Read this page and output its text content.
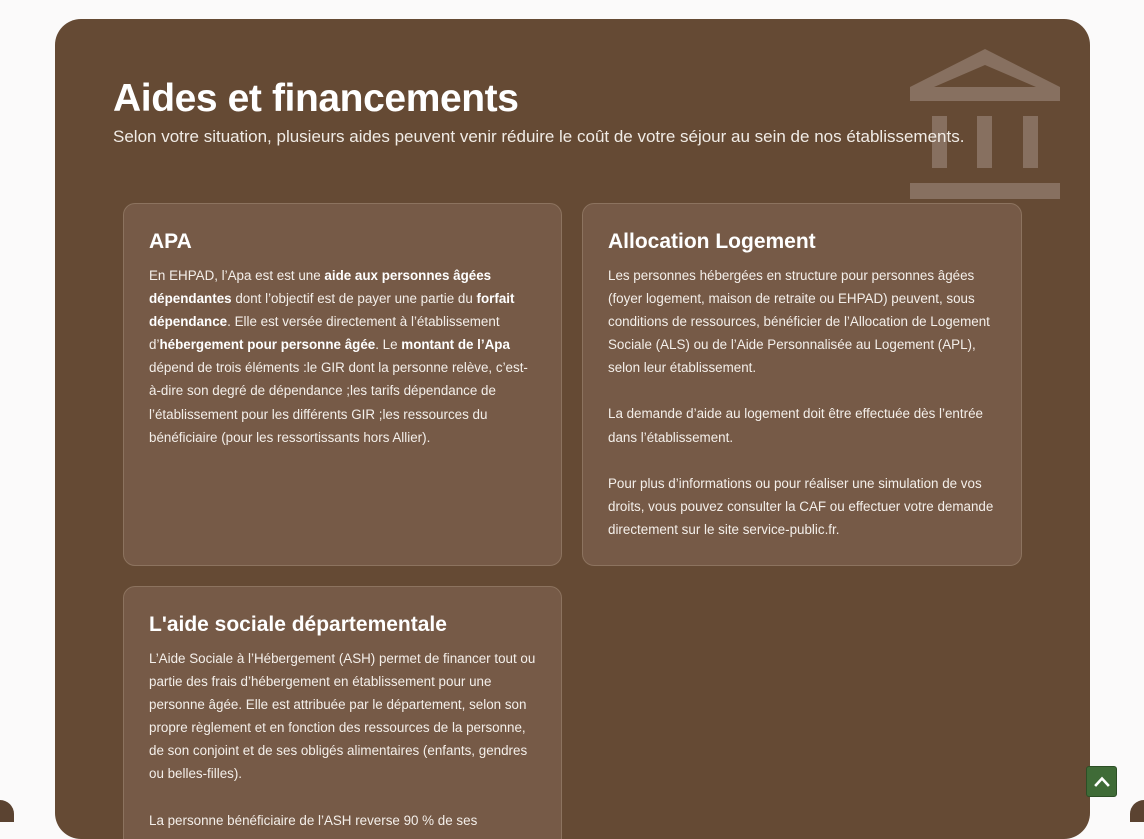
Aides et financements

Selon votre situation, plusieurs aides peuvent venir réduire le coût de votre séjour au sein de nos établissements.

APA

En EHPAD, l’Apa est est une aide aux personnes âgées dépendantes dont l’objectif est de payer une partie du forfait dépendance. Elle est versée directement à l’établissement d’hébergement pour personne âgée. Le montant de l’Apa dépend de trois éléments :le GIR dont la personne relève, c’est-à-dire son degré de dépendance ;les tarifs dépendance de l’établissement pour les différents GIR ;les ressources du bénéficiaire (pour les ressortissants hors Allier).

Allocation Logement

Les personnes hébergées en structure pour personnes âgées (foyer logement, maison de retraite ou EHPAD) peuvent, sous conditions de ressources, bénéficier de l’Allocation de Logement Sociale (ALS) ou de l’Aide Personnalisée au Logement (APL), selon leur établissement.

La demande d’aide au logement doit être effectuée dès l’entrée dans l’établissement.

Pour plus d’informations ou pour réaliser une simulation de vos droits, vous pouvez consulter la CAF ou effectuer votre demande directement sur le site service-public.fr.

L'aide sociale départementale

L’Aide Sociale à l’Hébergement (ASH) permet de financer tout ou partie des frais d’hébergement en établissement pour une personne âgée. Elle est attribuée par le département, selon son propre règlement et en fonction des ressources de la personne, de son conjoint et de ses obligés alimentaires (enfants, gendres ou belles-filles).

La personne bénéficiaire de l’ASH reverse 90 % de ses
